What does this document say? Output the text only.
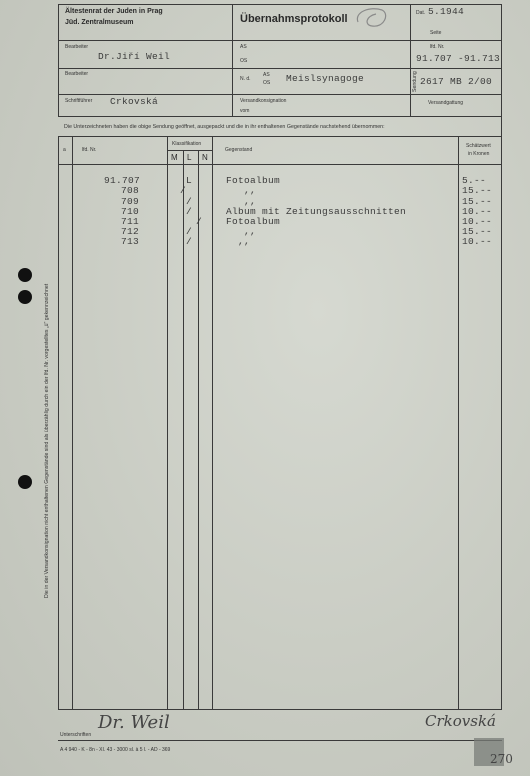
Ältestenrat der Juden in Prag
Jüd. Zentralmuseum	Übernahmsprotokoll	Dat. 5.1944
Seite
Bearbeiter
Dr.Jiří Weil
AS
OS
lfd. Nr.
91.707 -91.713
Bearbeiter
N. d.
AS
OS Meislsynagoge	Sendung 2617 MB 2/00
Schriftführer Crkovská	Versandkonsignation
vom
Versandgattung
Die Unterzeichneten haben die obige Sendung geöffnet, ausgepackt und die in ihr enthaltenen Gegenstände nachstehend übernommen:
a	lfd. Nr.
Klassifikation
M L N
Gegenstand
Schätzwert
in Kronen
91.707	L	Fotoalbum	5.--
708	/	,,	15.--
709	/	,,	15.--
710	/	Album mit Zeitungsausschnitten	10.--
711	/	Fotoalbum	10.--
712	/	,,	15.--
713	/	,,	10.--
Die in der Versandkonsignation nicht enthaltenen Gegenstände sind als überzählig durch ein der lfd. Nr. vorgestelltes „ü" gekennzeichnet
Unterschriften
Dr. Weil	Crkovská
A 4 940 - K - 8n - XI. 43 - 3000 sl. à 5 l. - AD - 369
270
